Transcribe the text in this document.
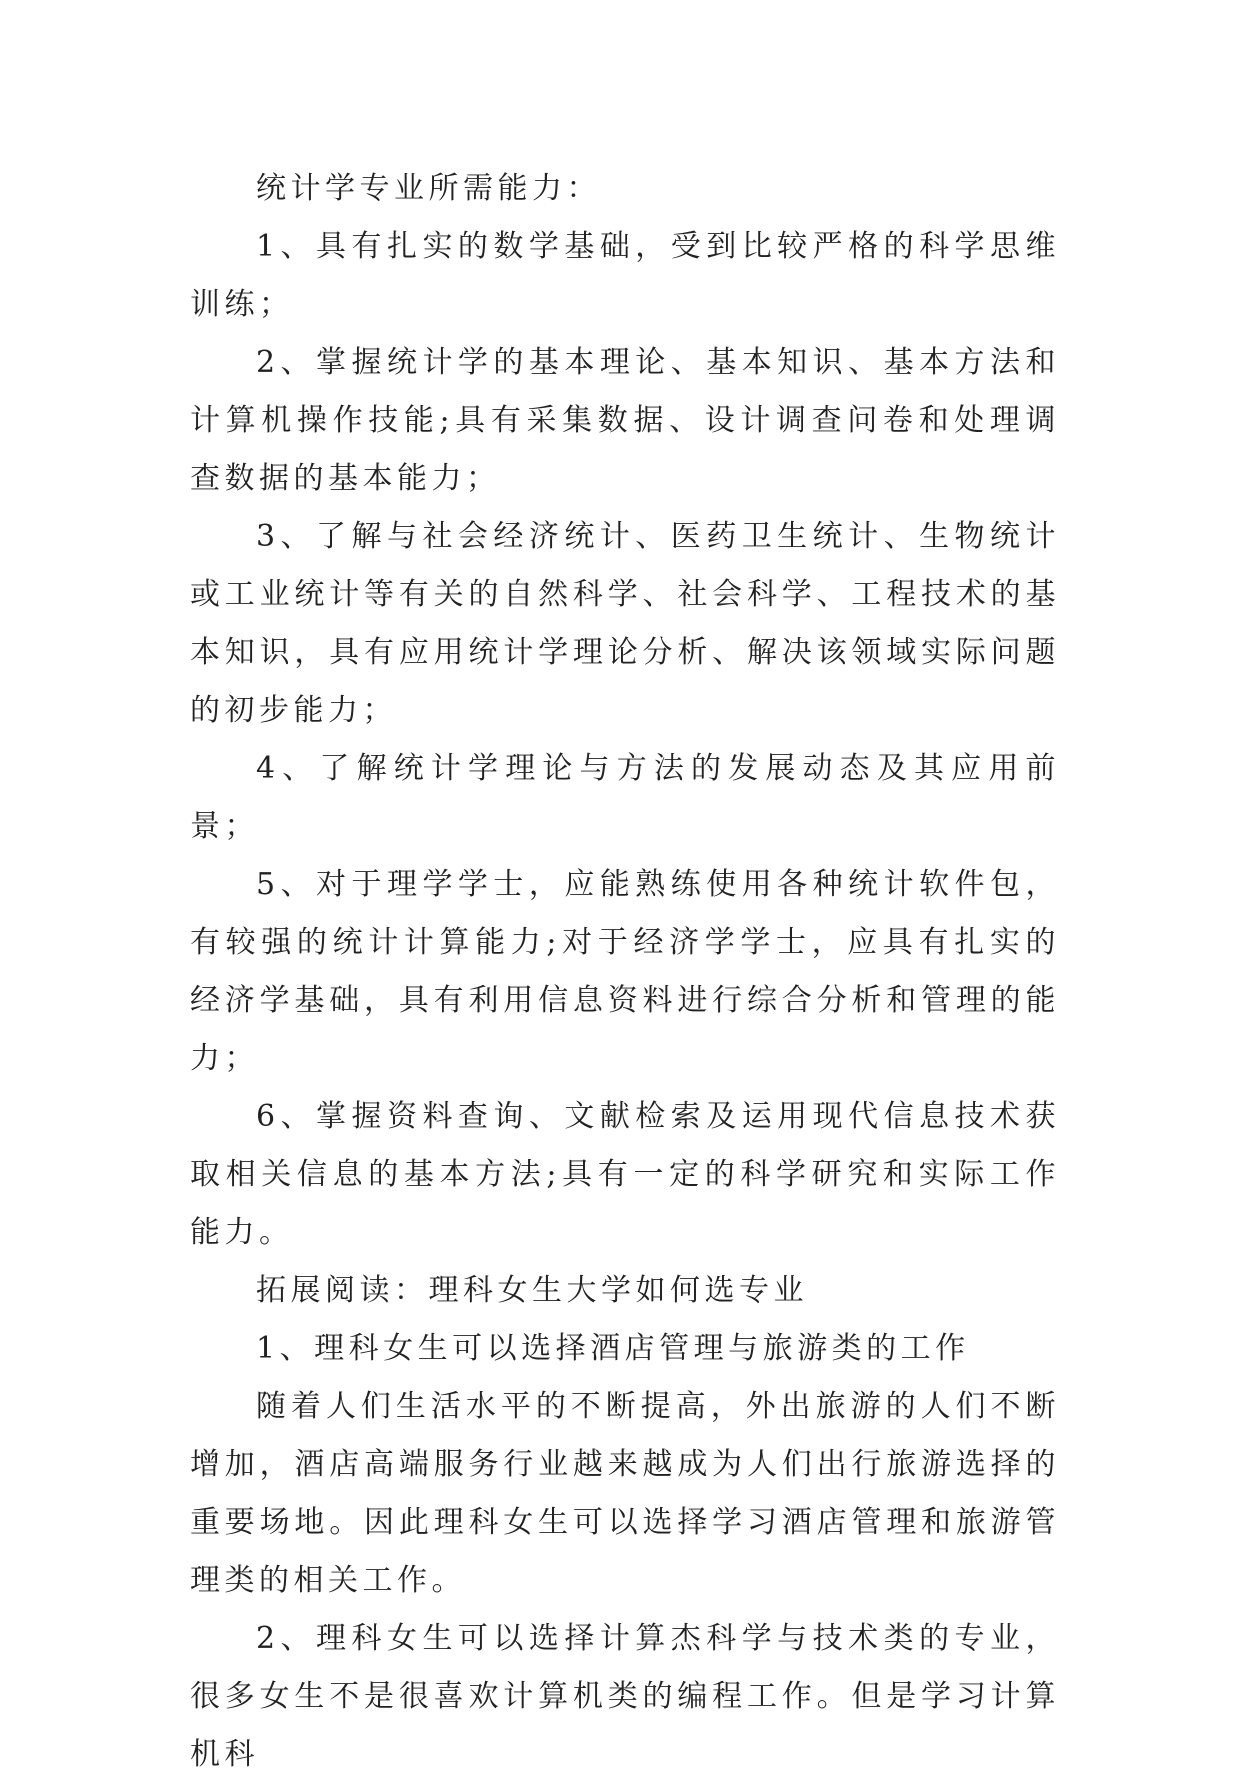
统计学专业所需能力：

1、具有扎实的数学基础，受到比较严格的科学思维训练；

2、掌握统计学的基本理论、基本知识、基本方法和计算机操作技能;具有采集数据、设计调查问卷和处理调查数据的基本能力；

3、了解与社会经济统计、医药卫生统计、生物统计或工业统计等有关的自然科学、社会科学、工程技术的基本知识，具有应用统计学理论分析、解决该领域实际问题的初步能力；

4、了解统计学理论与方法的发展动态及其应用前景；

5、对于理学学士，应能熟练使用各种统计软件包，有较强的统计计算能力;对于经济学学士，应具有扎实的经济学基础，具有利用信息资料进行综合分析和管理的能力；

6、掌握资料查询、文献检索及运用现代信息技术获取相关信息的基本方法;具有一定的科学研究和实际工作能力。

拓展阅读：理科女生大学如何选专业

1、理科女生可以选择酒店管理与旅游类的工作

随着人们生活水平的不断提高，外出旅游的人们不断增加，酒店高端服务行业越来越成为人们出行旅游选择的重要场地。因此理科女生可以选择学习酒店管理和旅游管理类的相关工作。

2、理科女生可以选择计算杰科学与技术类的专业，很多女生不是很喜欢计算机类的编程工作。但是学习计算机科
